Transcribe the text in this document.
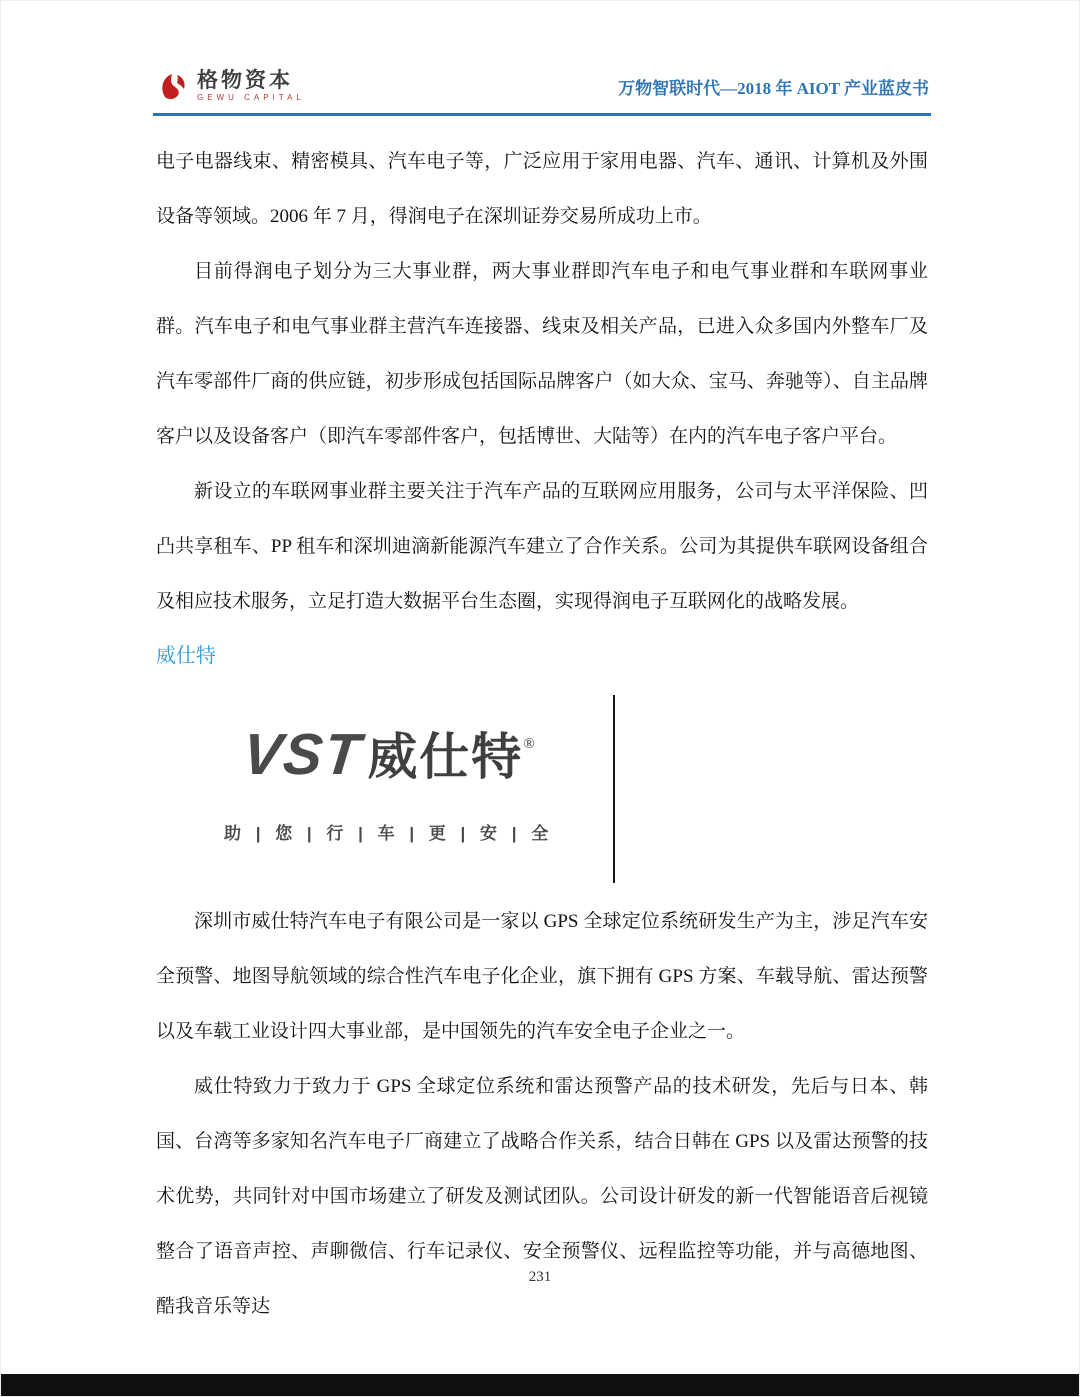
格物资本
GEWU CAPITAL	万物智联时代—2018 年 AIOT 产业蓝皮书

电子电器线束、精密模具、汽车电子等，广泛应用于家用电器、汽车、通讯、计算机及外围设备等领域。2006 年 7 月，得润电子在深圳证券交易所成功上市。

目前得润电子划分为三大事业群，两大事业群即汽车电子和电气事业群和车联网事业群。汽车电子和电气事业群主营汽车连接器、线束及相关产品，已进入众多国内外整车厂及汽车零部件厂商的供应链，初步形成包括国际品牌客户（如大众、宝马、奔驰等）、自主品牌客户以及设备客户（即汽车零部件客户，包括博世、大陆等）在内的汽车电子客户平台。

新设立的车联网事业群主要关注于汽车产品的互联网应用服务，公司与太平洋保险、凹凸共享租车、PP 租车和深圳迪滴新能源汽车建立了合作关系。公司为其提供车联网设备组合及相应技术服务，立足打造大数据平台生态圈，实现得润电子互联网化的战略发展。

威仕特
VST威仕特®
助 | 您 | 行 | 车 | 更 | 安 | 全

深圳市威仕特汽车电子有限公司是一家以 GPS 全球定位系统研发生产为主，涉足汽车安全预警、地图导航领域的综合性汽车电子化企业，旗下拥有 GPS 方案、车载导航、雷达预警以及车载工业设计四大事业部，是中国领先的汽车安全电子企业之一。

威仕特致力于致力于 GPS 全球定位系统和雷达预警产品的技术研发，先后与日本、韩国、台湾等多家知名汽车电子厂商建立了战略合作关系，结合日韩在 GPS 以及雷达预警的技术优势，共同针对中国市场建立了研发及测试团队。公司设计研发的新一代智能语音后视镜整合了语音声控、声聊微信、行车记录仪、安全预警仪、远程监控等功能，并与高德地图、酷我音乐等达

231
